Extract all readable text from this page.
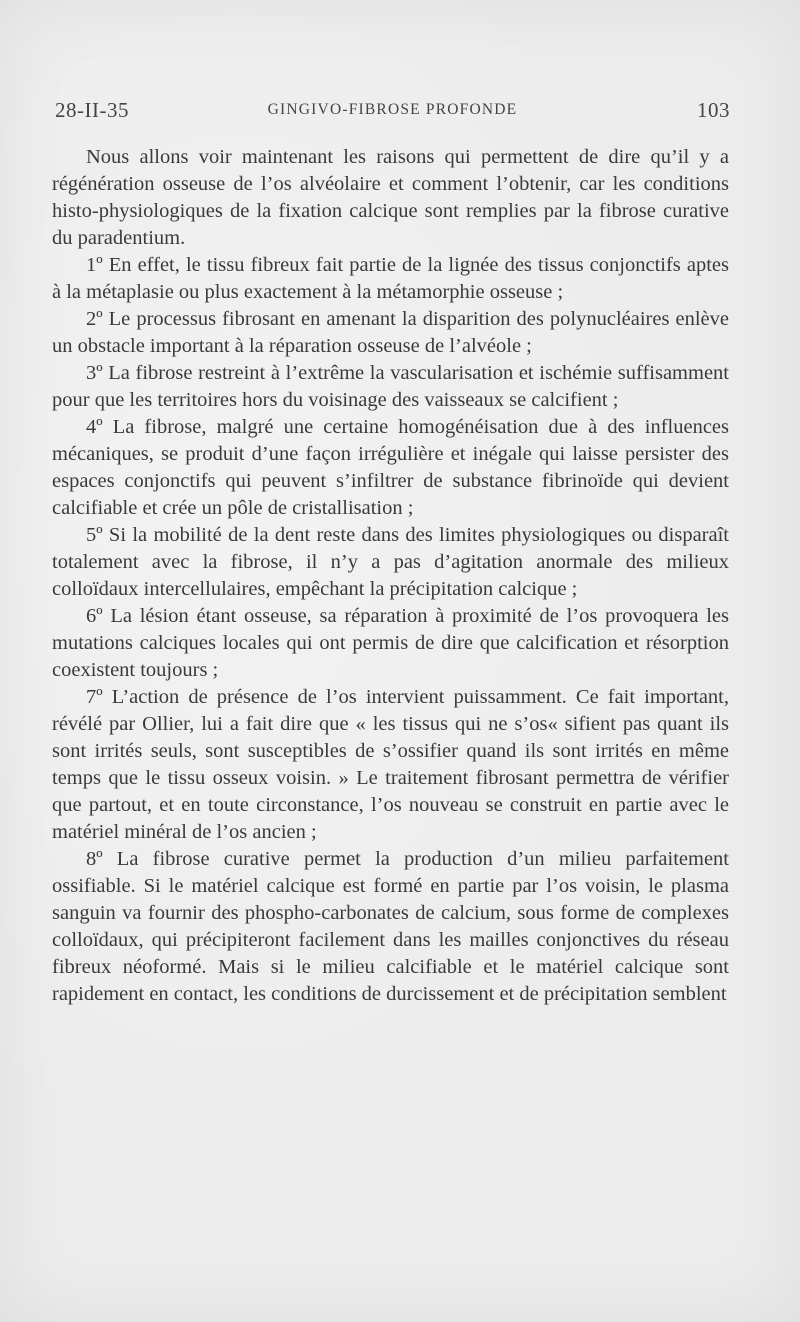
28-II-35	GINGIVO-FIBROSE PROFONDE	103

Nous allons voir maintenant les raisons qui permettent de dire qu’il y a régénération osseuse de l’os alvéolaire et comment l’obtenir, car les conditions histo-physiologiques de la fixation calcique sont remplies par la fibrose curative du paradentium.

1º En effet, le tissu fibreux fait partie de la lignée des tissus conjonctifs aptes à la métaplasie ou plus exactement à la métamorphie osseuse ;

2º Le processus fibrosant en amenant la disparition des polynucléaires enlève un obstacle important à la réparation osseuse de l’alvéole ;

3º La fibrose restreint à l’extrême la vascularisation et ischémie suffisamment pour que les territoires hors du voisinage des vaisseaux se calcifient ;

4º La fibrose, malgré une certaine homogénéisation due à des influences mécaniques, se produit d’une façon irrégulière et inégale qui laisse persister des espaces conjonctifs qui peuvent s’infiltrer de substance fibrinoïde qui devient calcifiable et crée un pôle de cristallisation ;

5º Si la mobilité de la dent reste dans des limites physiologiques ou disparaît totalement avec la fibrose, il n’y a pas d’agitation anormale des milieux colloïdaux intercellulaires, empêchant la précipitation calcique ;

6º La lésion étant osseuse, sa réparation à proximité de l’os provoquera les mutations calciques locales qui ont permis de dire que calcification et résorption coexistent toujours ;

7º L’action de présence de l’os intervient puissamment. Ce fait important, révélé par Ollier, lui a fait dire que « les tissus qui ne s’os« sifient pas quant ils sont irrités seuls, sont susceptibles de s’ossifier quand ils sont irrités en même temps que le tissu osseux voisin. » Le traitement fibrosant permettra de vérifier que partout, et en toute circonstance, l’os nouveau se construit en partie avec le matériel minéral de l’os ancien ;

8º La fibrose curative permet la production d’un milieu parfaitement ossifiable. Si le matériel calcique est formé en partie par l’os voisin, le plasma sanguin va fournir des phospho-carbonates de calcium, sous forme de complexes colloïdaux, qui précipiteront facilement dans les mailles conjonctives du réseau fibreux néoformé. Mais si le milieu calcifiable et le matériel calcique sont rapidement en contact, les conditions de durcissement et de précipitation semblent
